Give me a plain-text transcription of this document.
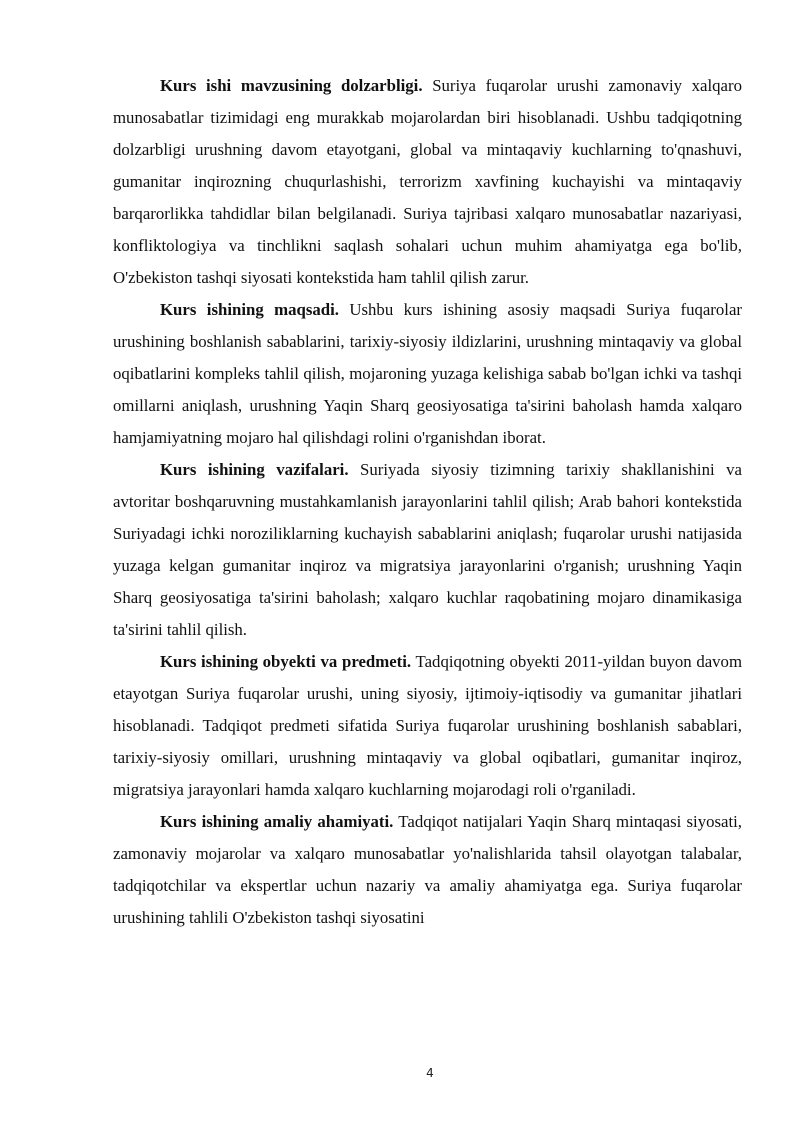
Kurs ishi mavzusining dolzarbligi. Suriya fuqarolar urushi zamonaviy xalqaro munosabatlar tizimidagi eng murakkab mojarolardan biri hisoblanadi. Ushbu tadqiqotning dolzarbligi urushning davom etayotgani, global va mintaqaviy kuchlarning to'qnashuvi, gumanitar inqirozning chuqurlashishi, terrorizm xavfining kuchayishi va mintaqaviy barqarorlikka tahdidlar bilan belgilanadi. Suriya tajribasi xalqaro munosabatlar nazariyasi, konfliktologiya va tinchlikni saqlash sohalari uchun muhim ahamiyatga ega bo'lib, O'zbekiston tashqi siyosati kontekstida ham tahlil qilish zarur.

Kurs ishining maqsadi. Ushbu kurs ishining asosiy maqsadi Suriya fuqarolar urushining boshlanish sabablarini, tarixiy-siyosiy ildizlarini, urushning mintaqaviy va global oqibatlarini kompleks tahlil qilish, mojaroning yuzaga kelishiga sabab bo'lgan ichki va tashqi omillarni aniqlash, urushning Yaqin Sharq geosiyosatiga ta'sirini baholash hamda xalqaro hamjamiyatning mojaro hal qilishdagi rolini o'rganishdan iborat.

Kurs ishining vazifalari. Suriyada siyosiy tizimning tarixiy shakllanishini va avtoritar boshqaruvning mustahkamlanish jarayonlarini tahlil qilish; Arab bahori kontekstida Suriyadagi ichki noroziliklarning kuchayish sabablarini aniqlash; fuqarolar urushi natijasida yuzaga kelgan gumanitar inqiroz va migratsiya jarayonlarini o'rganish; urushning Yaqin Sharq geosiyosatiga ta'sirini baholash; xalqaro kuchlar raqobatining mojaro dinamikasiga ta'sirini tahlil qilish.

Kurs ishining obyekti va predmeti. Tadqiqotning obyekti 2011-yildan buyon davom etayotgan Suriya fuqarolar urushi, uning siyosiy, ijtimoiy-iqtisodiy va gumanitar jihatlari hisoblanadi. Tadqiqot predmeti sifatida Suriya fuqarolar urushining boshlanish sabablari, tarixiy-siyosiy omillari, urushning mintaqaviy va global oqibatlari, gumanitar inqiroz, migratsiya jarayonlari hamda xalqaro kuchlarning mojarodagi roli o'rganiladi.

Kurs ishining amaliy ahamiyati. Tadqiqot natijalari Yaqin Sharq mintaqasi siyosati, zamonaviy mojarolar va xalqaro munosabatlar yo'nalishlarida tahsil olayotgan talabalar, tadqiqotchilar va ekspertlar uchun nazariy va amaliy ahamiyatga ega. Suriya fuqarolar urushining tahlili O'zbekiston tashqi siyosatini

4
